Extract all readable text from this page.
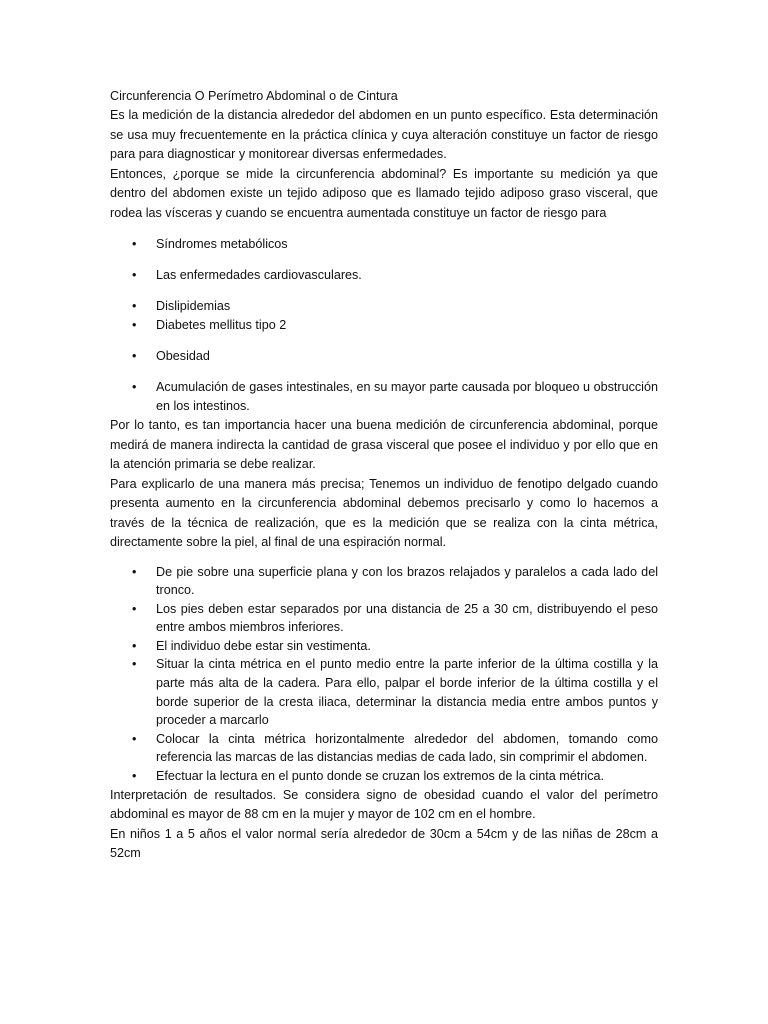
Circunferencia O Perímetro Abdominal o de Cintura

Es la medición de la distancia alrededor del abdomen en un punto específico. Esta determinación se usa muy frecuentemente en la práctica clínica y cuya alteración constituye un factor de riesgo para para diagnosticar y monitorear diversas enfermedades.

Entonces, ¿porque se mide la circunferencia abdominal? Es importante su medición ya que dentro del abdomen existe un tejido adiposo que es llamado tejido adiposo graso visceral, que rodea las vísceras y cuando se encuentra aumentada constituye un factor de riesgo para

• Síndromes metabólicos
• Las enfermedades cardiovasculares.
• Dislipidemias
• Diabetes mellitus tipo 2
• Obesidad
• Acumulación de gases intestinales, en su mayor parte causada por bloqueo u obstrucción en los intestinos.

Por lo tanto, es tan importancia hacer una buena medición de circunferencia abdominal, porque medirá de manera indirecta la cantidad de grasa visceral que posee el individuo y por ello que en la atención primaria se debe realizar.

Para explicarlo de una manera más precisa; Tenemos un individuo de fenotipo delgado cuando presenta aumento en la circunferencia abdominal debemos precisarlo y como lo hacemos a través de la técnica de realización, que es la medición que se realiza con la cinta métrica, directamente sobre la piel, al final de una espiración normal.

• De pie sobre una superficie plana y con los brazos relajados y paralelos a cada lado del tronco.
• Los pies deben estar separados por una distancia de 25 a 30 cm, distribuyendo el peso entre ambos miembros inferiores.
• El individuo debe estar sin vestimenta.
• Situar la cinta métrica en el punto medio entre la parte inferior de la última costilla y la parte más alta de la cadera. Para ello, palpar el borde inferior de la última costilla y el borde superior de la cresta iliaca, determinar la distancia media entre ambos puntos y proceder a marcarlo
• Colocar la cinta métrica horizontalmente alrededor del abdomen, tomando como referencia las marcas de las distancias medias de cada lado, sin comprimir el abdomen.
• Efectuar la lectura en el punto donde se cruzan los extremos de la cinta métrica.

Interpretación de resultados. Se considera signo de obesidad cuando el valor del perímetro abdominal es mayor de 88 cm en la mujer y mayor de 102 cm en el hombre.

En niños 1 a 5 años el valor normal sería alrededor de 30cm a 54cm y de las niñas de 28cm a 52cm
